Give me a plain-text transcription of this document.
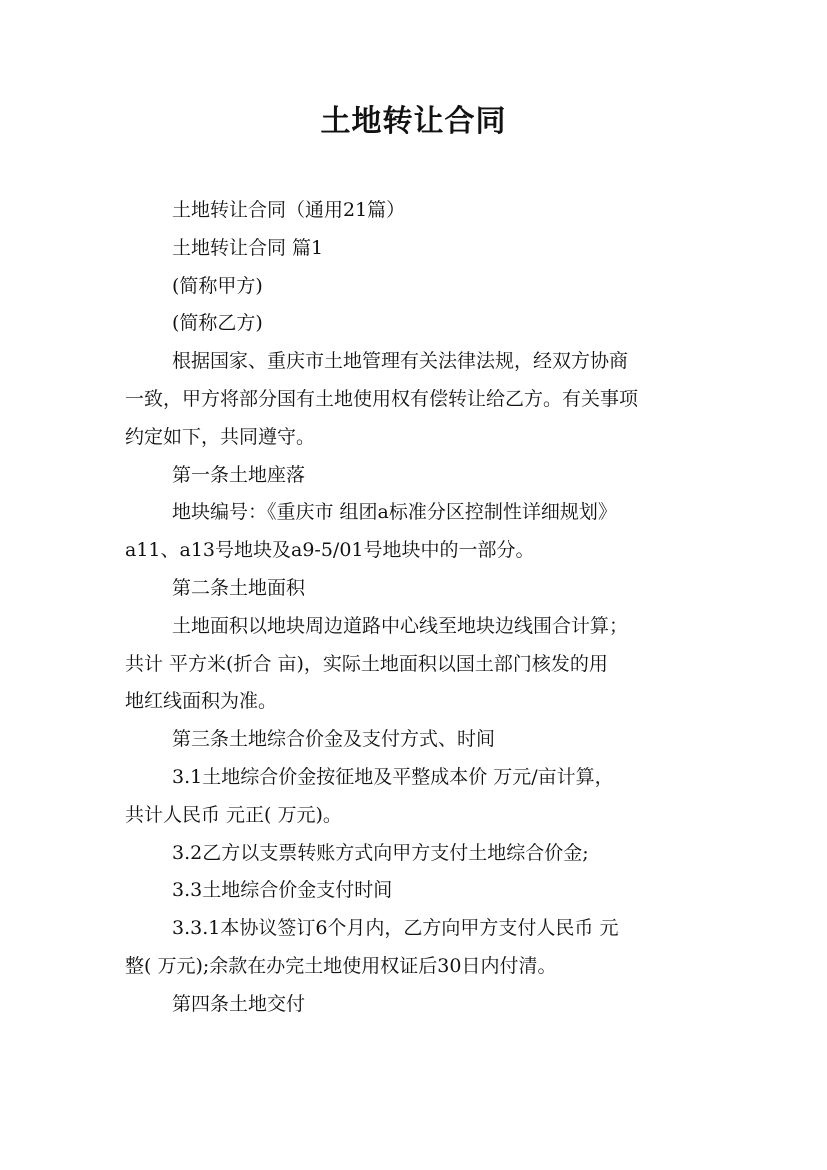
土地转让合同

土地转让合同（通用21篇）

土地转让合同 篇1

(简称甲方)

(简称乙方)

根据国家、重庆市土地管理有关法律法规，经双方协商

一致，甲方将部分国有土地使用权有偿转让给乙方。有关事项

约定如下，共同遵守。

第一条土地座落

地块编号：《重庆市 组团a标准分区控制性详细规划》

a11、a13号地块及a9-5/01号地块中的一部分。

第二条土地面积

土地面积以地块周边道路中心线至地块边线围合计算；

共计 平方米(折合 亩)，实际土地面积以国土部门核发的用

地红线面积为准。

第三条土地综合价金及支付方式、时间

3.1土地综合价金按征地及平整成本价 万元/亩计算，

共计人民币 元正( 万元)。

3.2乙方以支票转账方式向甲方支付土地综合价金;

3.3土地综合价金支付时间

3.3.1本协议签订6个月内，乙方向甲方支付人民币 元

整( 万元);余款在办完土地使用权证后30日内付清。

第四条土地交付
